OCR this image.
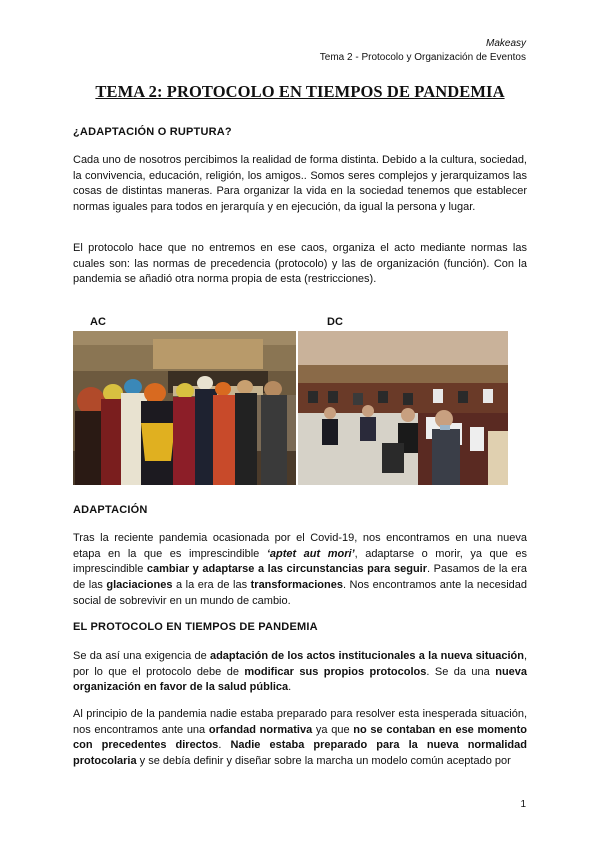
Makeasy
Tema 2 - Protocolo y Organización de Eventos
TEMA 2: PROTOCOLO EN TIEMPOS DE PANDEMIA
¿ADAPTACIÓN O RUPTURA?

Cada uno de nosotros percibimos la realidad de forma distinta. Debido a la cultura, sociedad, la convivencia, educación, religión, los amigos.. Somos seres complejos y jerarquizamos las cosas de distintas maneras. Para organizar la vida en la sociedad tenemos que establecer normas iguales para todos en jerarquía y en ejecución, da igual la persona y lugar.

El protocolo hace que no entremos en ese caos, organiza el acto mediante normas las cuales son: las normas de precedencia (protocolo) y las de organización (función). Con la pandemia se añadió otra norma propia de esta (restricciones).

AC	DC
ADAPTACIÓN

Tras la reciente pandemia ocasionada por el Covid-19, nos encontramos en una nueva etapa en la que es imprescindible ‘aptet aut mori’, adaptarse o morir, ya que es imprescindible cambiar y adaptarse a las circunstancias para seguir. Pasamos de la era de las glaciaciones a la era de las transformaciones. Nos encontramos ante la necesidad social de sobrevivir en un mundo de cambio.

EL PROTOCOLO EN TIEMPOS DE PANDEMIA

Se da así una exigencia de adaptación de los actos institucionales a la nueva situación, por lo que el protocolo debe de modificar sus propios protocolos. Se da una nueva organización en favor de la salud pública.

Al principio de la pandemia nadie estaba preparado para resolver esta inesperada situación, nos encontramos ante una orfandad normativa ya que no se contaban en ese momento con precedentes directos. Nadie estaba preparado para la nueva normalidad protocolaria y se debía definir y diseñar sobre la marcha un modelo común aceptado por

1
